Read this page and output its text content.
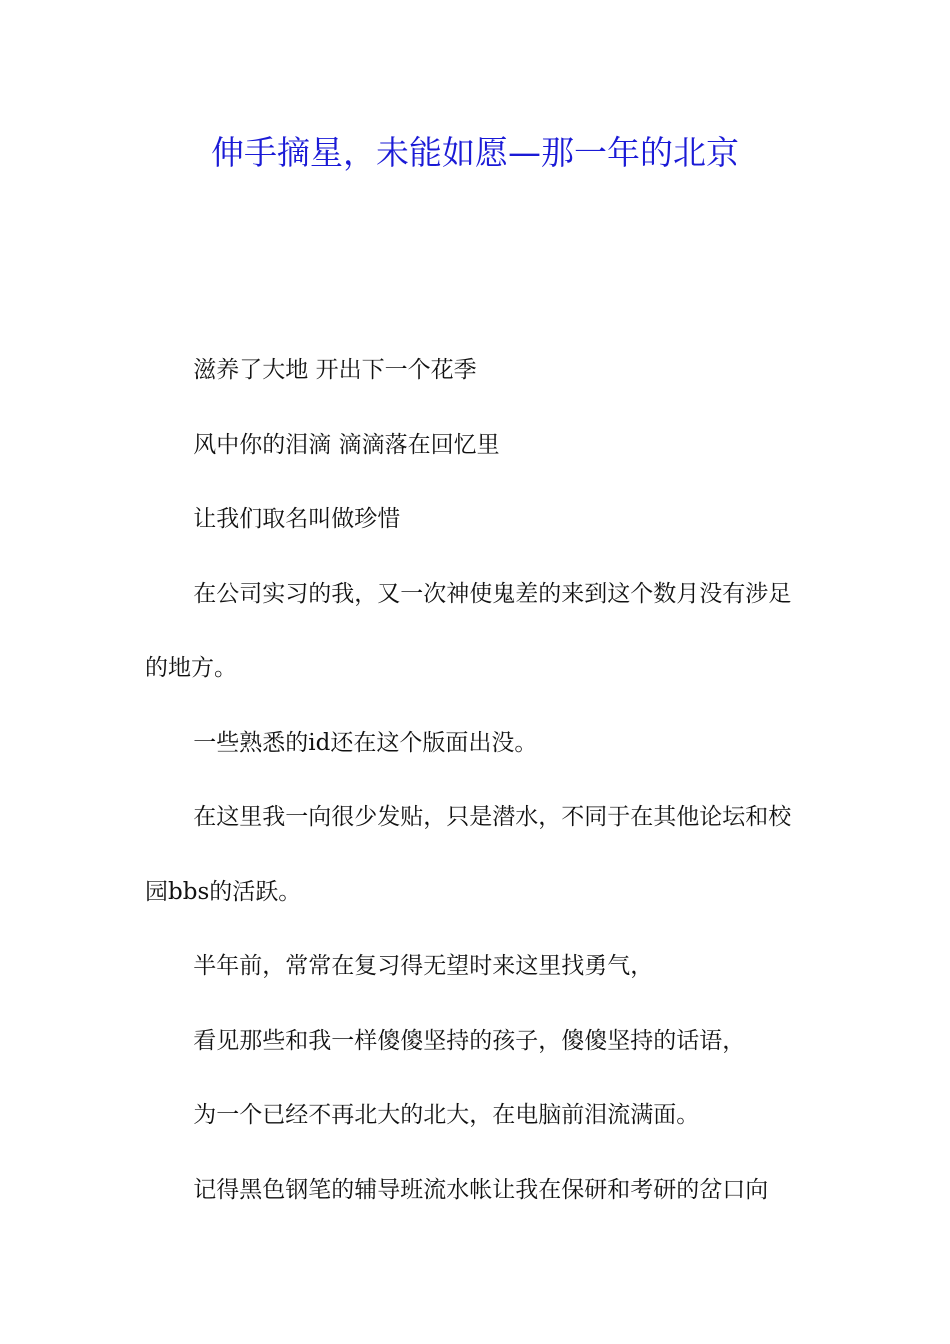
伸手摘星，未能如愿—那一年的北京

滋养了大地 开出下一个花季

风中你的泪滴 滴滴落在回忆里

让我们取名叫做珍惜

在公司实习的我，又一次神使鬼差的来到这个数月没有涉足的地方。

一些熟悉的id还在这个版面出没。

在这里我一向很少发贴，只是潜水，不同于在其他论坛和校园bbs的活跃。

半年前，常常在复习得无望时来这里找勇气，

看见那些和我一样傻傻坚持的孩子，傻傻坚持的话语，

为一个已经不再北大的北大，在电脑前泪流满面。

记得黑色钢笔的辅导班流水帐让我在保研和考研的岔口向
